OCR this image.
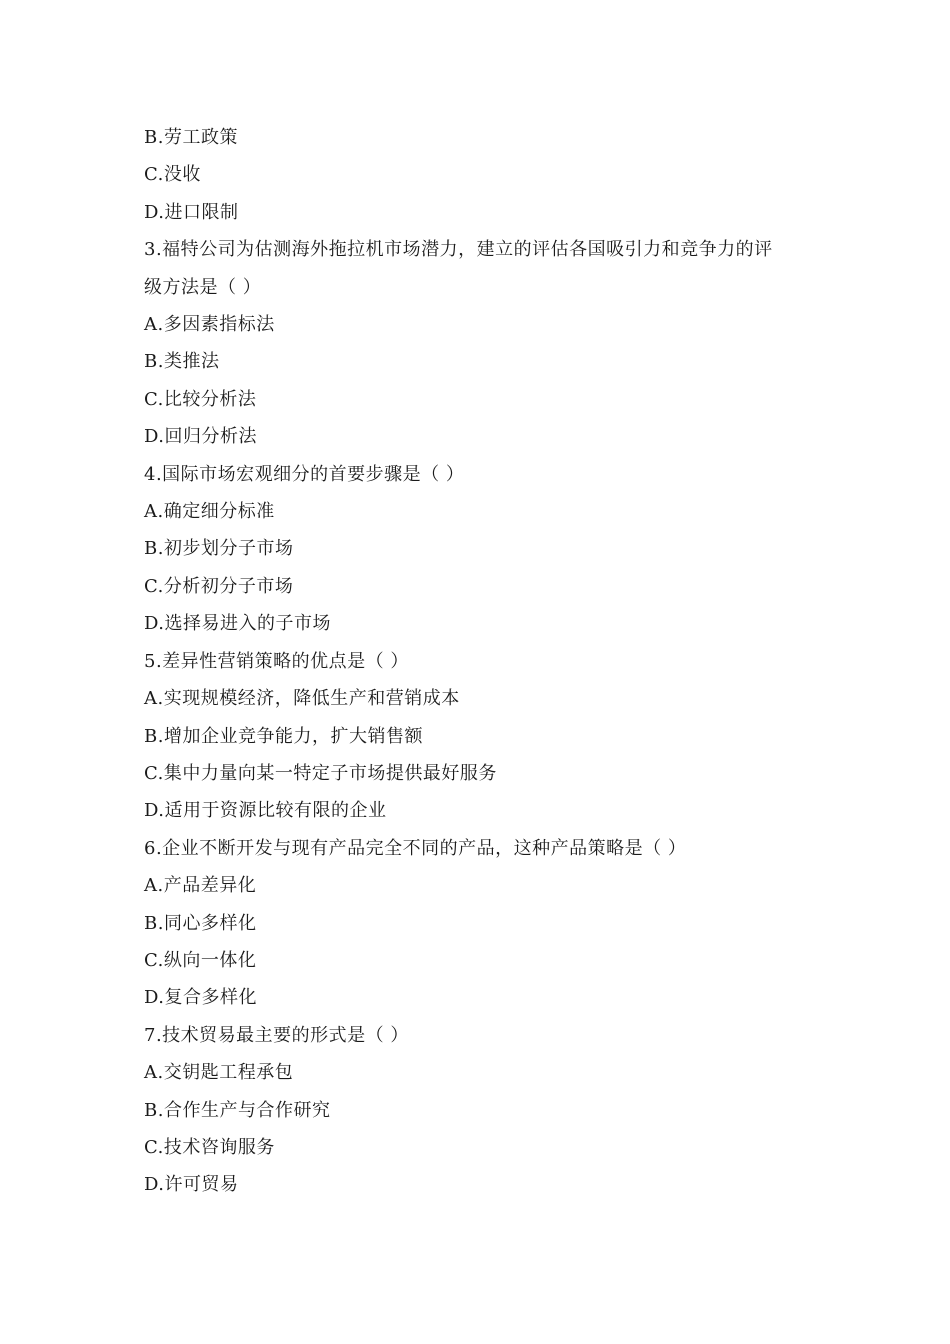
B.劳工政策
C.没收
D.进口限制
3.福特公司为估测海外拖拉机市场潜力，建立的评估各国吸引力和竞争力的评
级方法是（ ）
A.多因素指标法
B.类推法
C.比较分析法
D.回归分析法
4.国际市场宏观细分的首要步骤是（ ）
A.确定细分标准
B.初步划分子市场
C.分析初分子市场
D.选择易进入的子市场
5.差异性营销策略的优点是（ ）
A.实现规模经济，降低生产和营销成本
B.增加企业竞争能力，扩大销售额
C.集中力量向某一特定子市场提供最好服务
D.适用于资源比较有限的企业
6.企业不断开发与现有产品完全不同的产品，这种产品策略是（ ）
A.产品差异化
B.同心多样化
C.纵向一体化
D.复合多样化
7.技术贸易最主要的形式是（ ）
A.交钥匙工程承包
B.合作生产与合作研究
C.技术咨询服务
D.许可贸易
